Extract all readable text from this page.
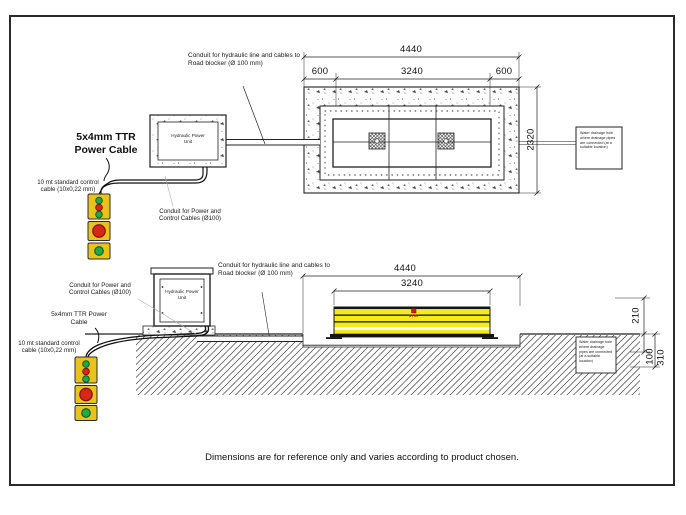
Conduit for hydraulic line and cables to Road blocker (Ø 100 mm)
5x4mm TTR Power Cable
10 mt standard control cable (10x0,22 mm)
Conduit for Power and Control Cables (Ø100)
Hydraulic Power Unit
Water drainage hole where drainage pipes are connected (at a suitable location)
4440
600	3240	600
2320
Conduit for hydraulic line and cables to Road blocker (Ø 100 mm)
Conduit for Power and Control Cables (Ø100)
5x4mm TTR Power Cable
10 mt standard control cable (10x0,22 mm)
Hydraulic Power Unit
Water drainage hole where drainage pipes are connected (at a suitable location)
STOP
4440
3240
210
100 310
Dimensions are for reference only and varies according to product chosen.
